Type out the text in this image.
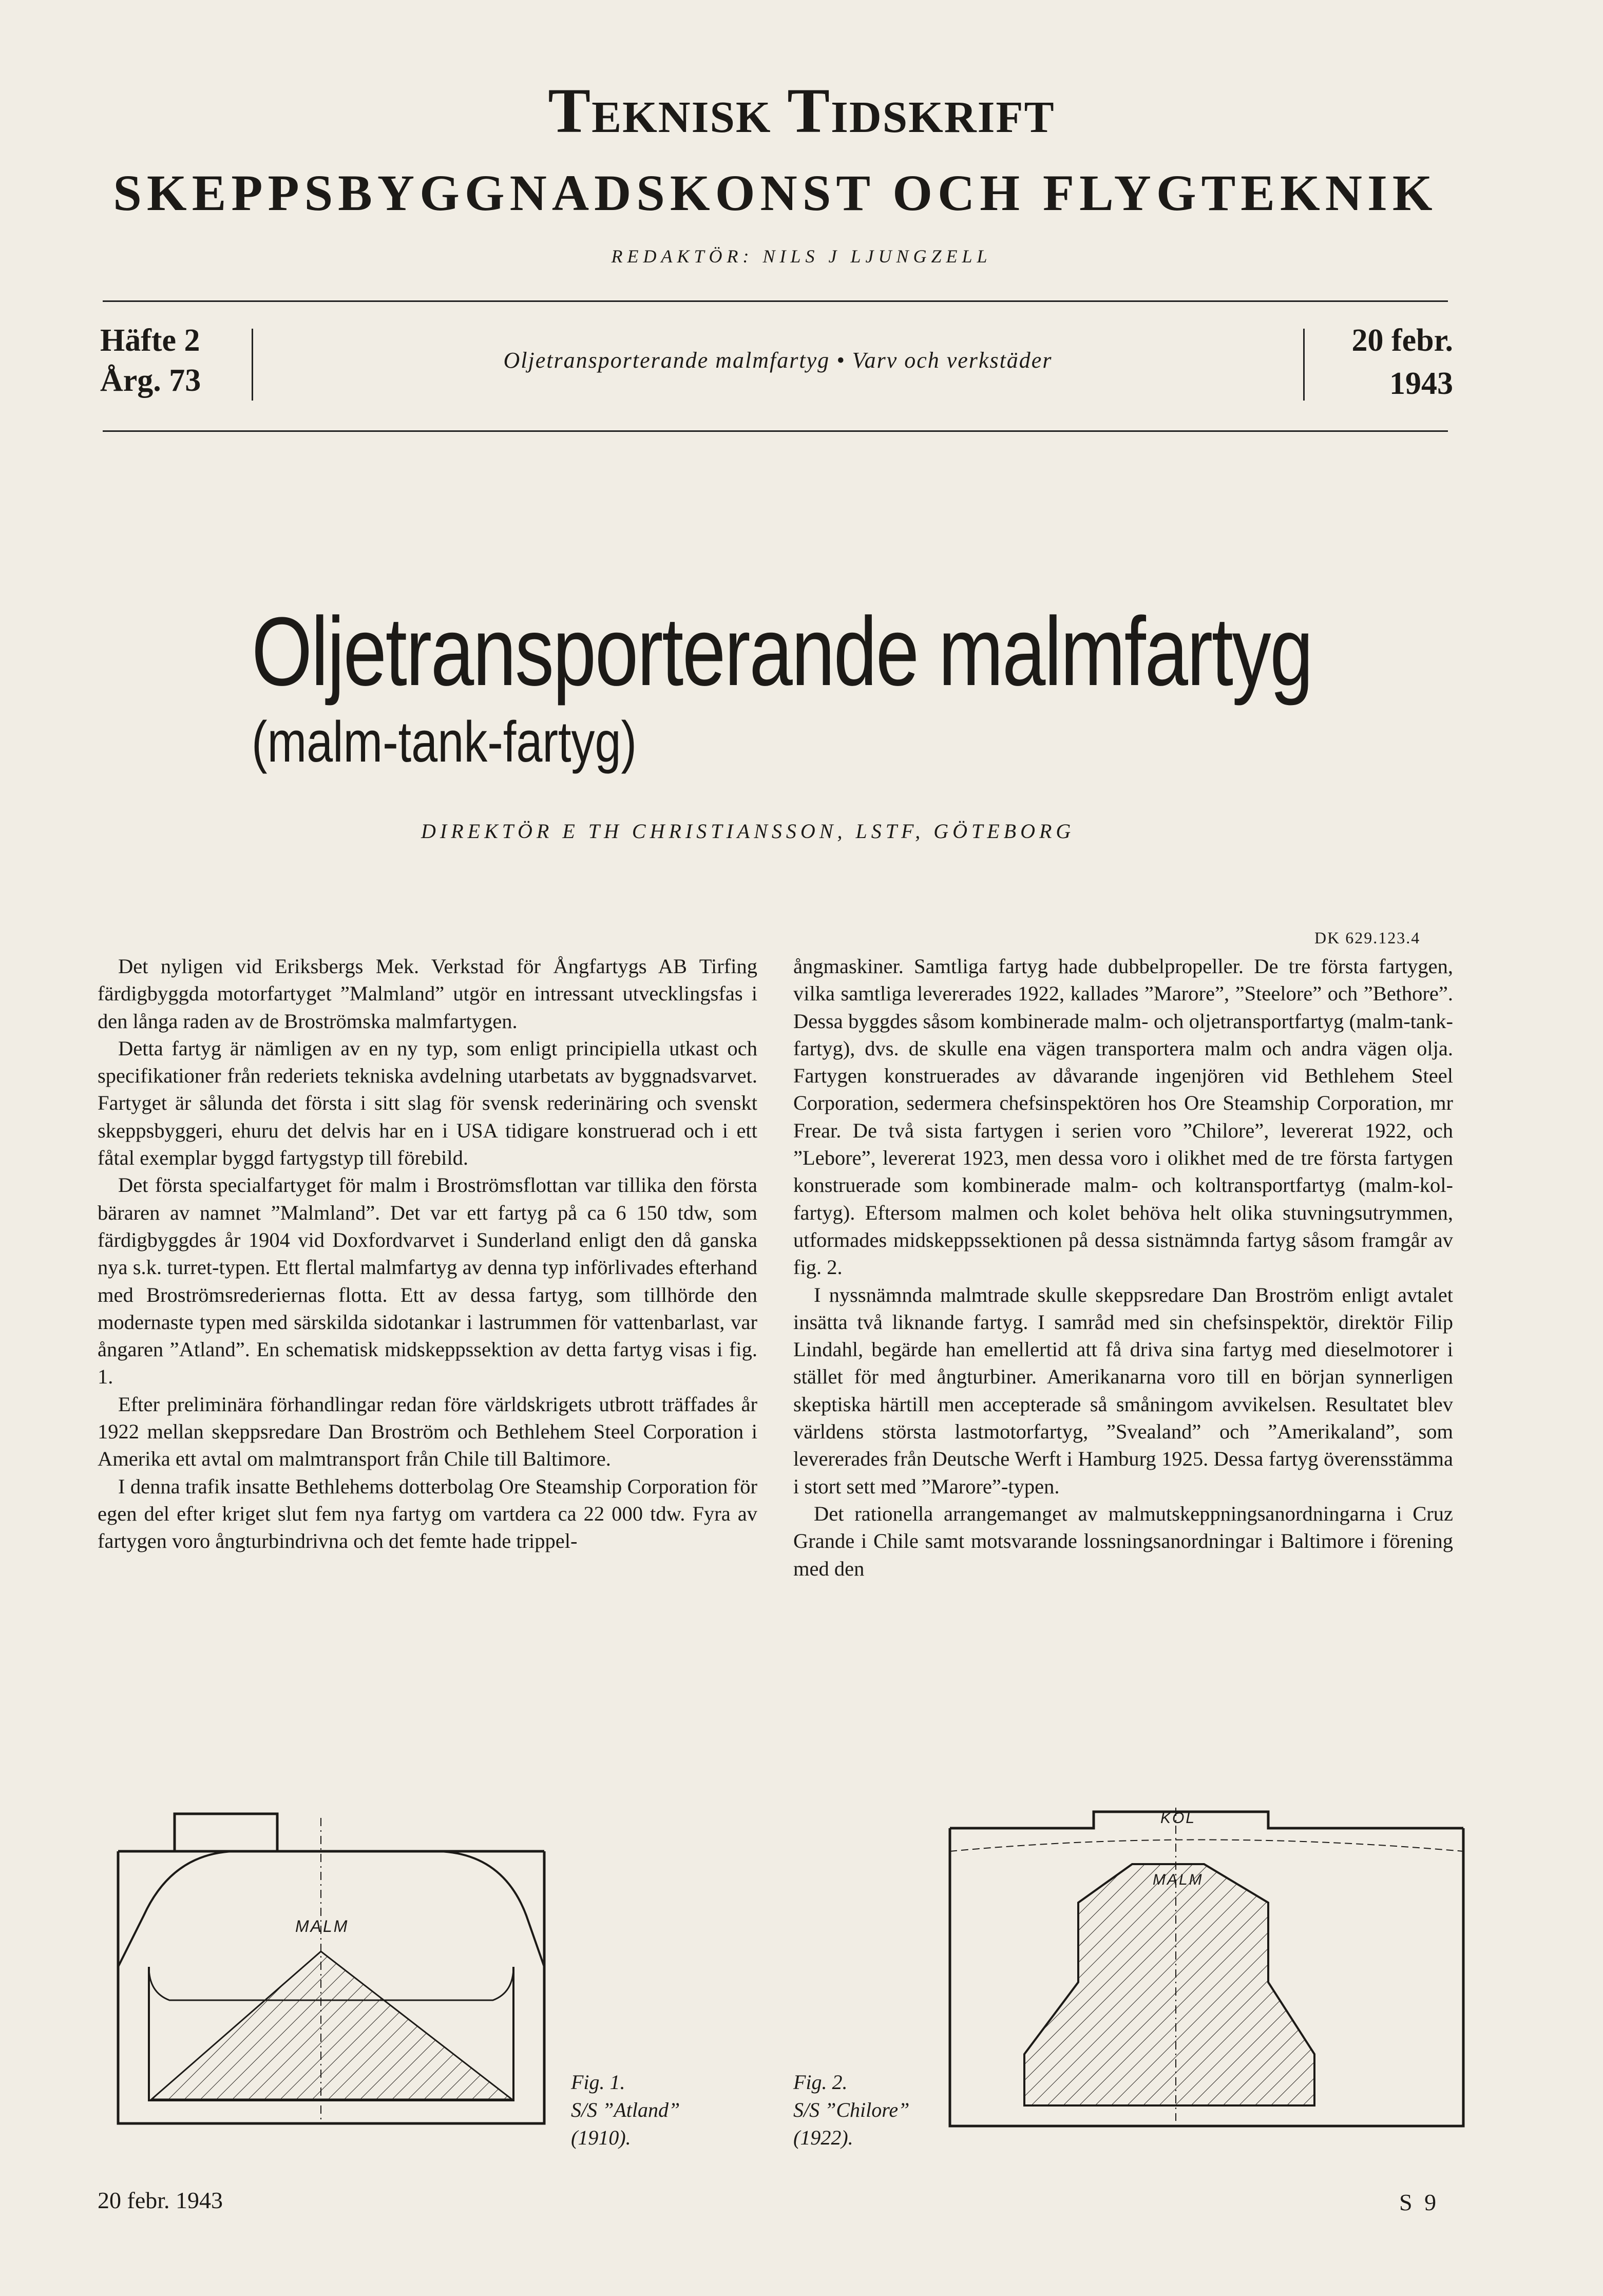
Teknisk Tidskrift
SKEPPSBYGGNADSKONST OCH FLYGTEKNIK
REDAKTÖR: NILS J LJUNGZELL
Häfte 2
Årg. 73
Oljetransporterande malmfartyg • Varv och verkstäder
20 febr.
1943
Oljetransporterande malmfartyg
(malm-tank-fartyg)
DIREKTÖR E TH CHRISTIANSSON, LSTF, GÖTEBORG
DK 629.123.4

Det nyligen vid Eriksbergs Mek. Verkstad för Ångfartygs AB Tirfing färdigbyggda motorfartyget ”Malmland” utgör en intressant utvecklingsfas i den långa raden av de Broströmska malmfartygen.

Detta fartyg är nämligen av en ny typ, som enligt principiella utkast och specifikationer från rederiets tekniska avdelning utarbetats av byggnadsvarvet. Fartyget är sålunda det första i sitt slag för svensk rederinäring och svenskt skeppsbyggeri, ehuru det delvis har en i USA tidigare konstruerad och i ett fåtal exemplar byggd fartygstyp till förebild.

Det första specialfartyget för malm i Broströmsflottan var tillika den första bäraren av namnet ”Malmland”. Det var ett fartyg på ca 6 150 tdw, som färdigbyggdes år 1904 vid Doxfordvarvet i Sunderland enligt den då ganska nya s.k. turret-typen. Ett flertal malmfartyg av denna typ införlivades efterhand med Broströmsrederiernas flotta. Ett av dessa fartyg, som tillhörde den modernaste typen med särskilda sidotankar i lastrummen för vattenbarlast, var ångaren ”Atland”. En schematisk midskeppssektion av detta fartyg visas i fig. 1.

Efter preliminära förhandlingar redan före världskrigets utbrott träffades år 1922 mellan skeppsredare Dan Broström och Bethlehem Steel Corporation i Amerika ett avtal om malmtransport från Chile till Baltimore.

I denna trafik insatte Bethlehems dotterbolag Ore Steamship Corporation för egen del efter kriget slut fem nya fartyg om vartdera ca 22 000 tdw. Fyra av fartygen voro ångturbindrivna och det femte hade trippel-

ångmaskiner. Samtliga fartyg hade dubbelpropeller. De tre första fartygen, vilka samtliga levererades 1922, kallades ”Marore”, ”Steelore” och ”Bethore”. Dessa byggdes såsom kombinerade malm- och oljetransportfartyg (malm-tank-fartyg), dvs. de skulle ena vägen transportera malm och andra vägen olja. Fartygen konstruerades av dåvarande ingenjören vid Bethlehem Steel Corporation, sedermera chefsinspektören hos Ore Steamship Corporation, mr Frear. De två sista fartygen i serien voro ”Chilore”, levererat 1922, och ”Lebore”, levererat 1923, men dessa voro i olikhet med de tre första fartygen konstruerade som kombinerade malm- och koltransportfartyg (malm-kol-fartyg). Eftersom malmen och kolet behöva helt olika stuvningsutrymmen, utformades midskeppssektionen på dessa sistnämnda fartyg såsom framgår av fig. 2.

I nyssnämnda malmtrade skulle skeppsredare Dan Broström enligt avtalet insätta två liknande fartyg. I samråd med sin chefsinspektör, direktör Filip Lindahl, begärde han emellertid att få driva sina fartyg med dieselmotorer i stället för med ångturbiner. Amerikanarna voro till en början synnerligen skeptiska härtill men accepterade så småningom avvikelsen. Resultatet blev världens största lastmotorfartyg, ”Svealand” och ”Amerikaland”, som levererades från Deutsche Werft i Hamburg 1925. Dessa fartyg överensstämma i stort sett med ”Marore”-typen.

Det rationella arrangemanget av malmutskeppningsanordningarna i Cruz Grande i Chile samt motsvarande lossningsanordningar i Baltimore i förening med den

MALM
KOL
MALM
Fig. 1.
S/S ”Atland”
(1910).
Fig. 2.
S/S ”Chilore”
(1922).
20 febr. 1943	S 9
